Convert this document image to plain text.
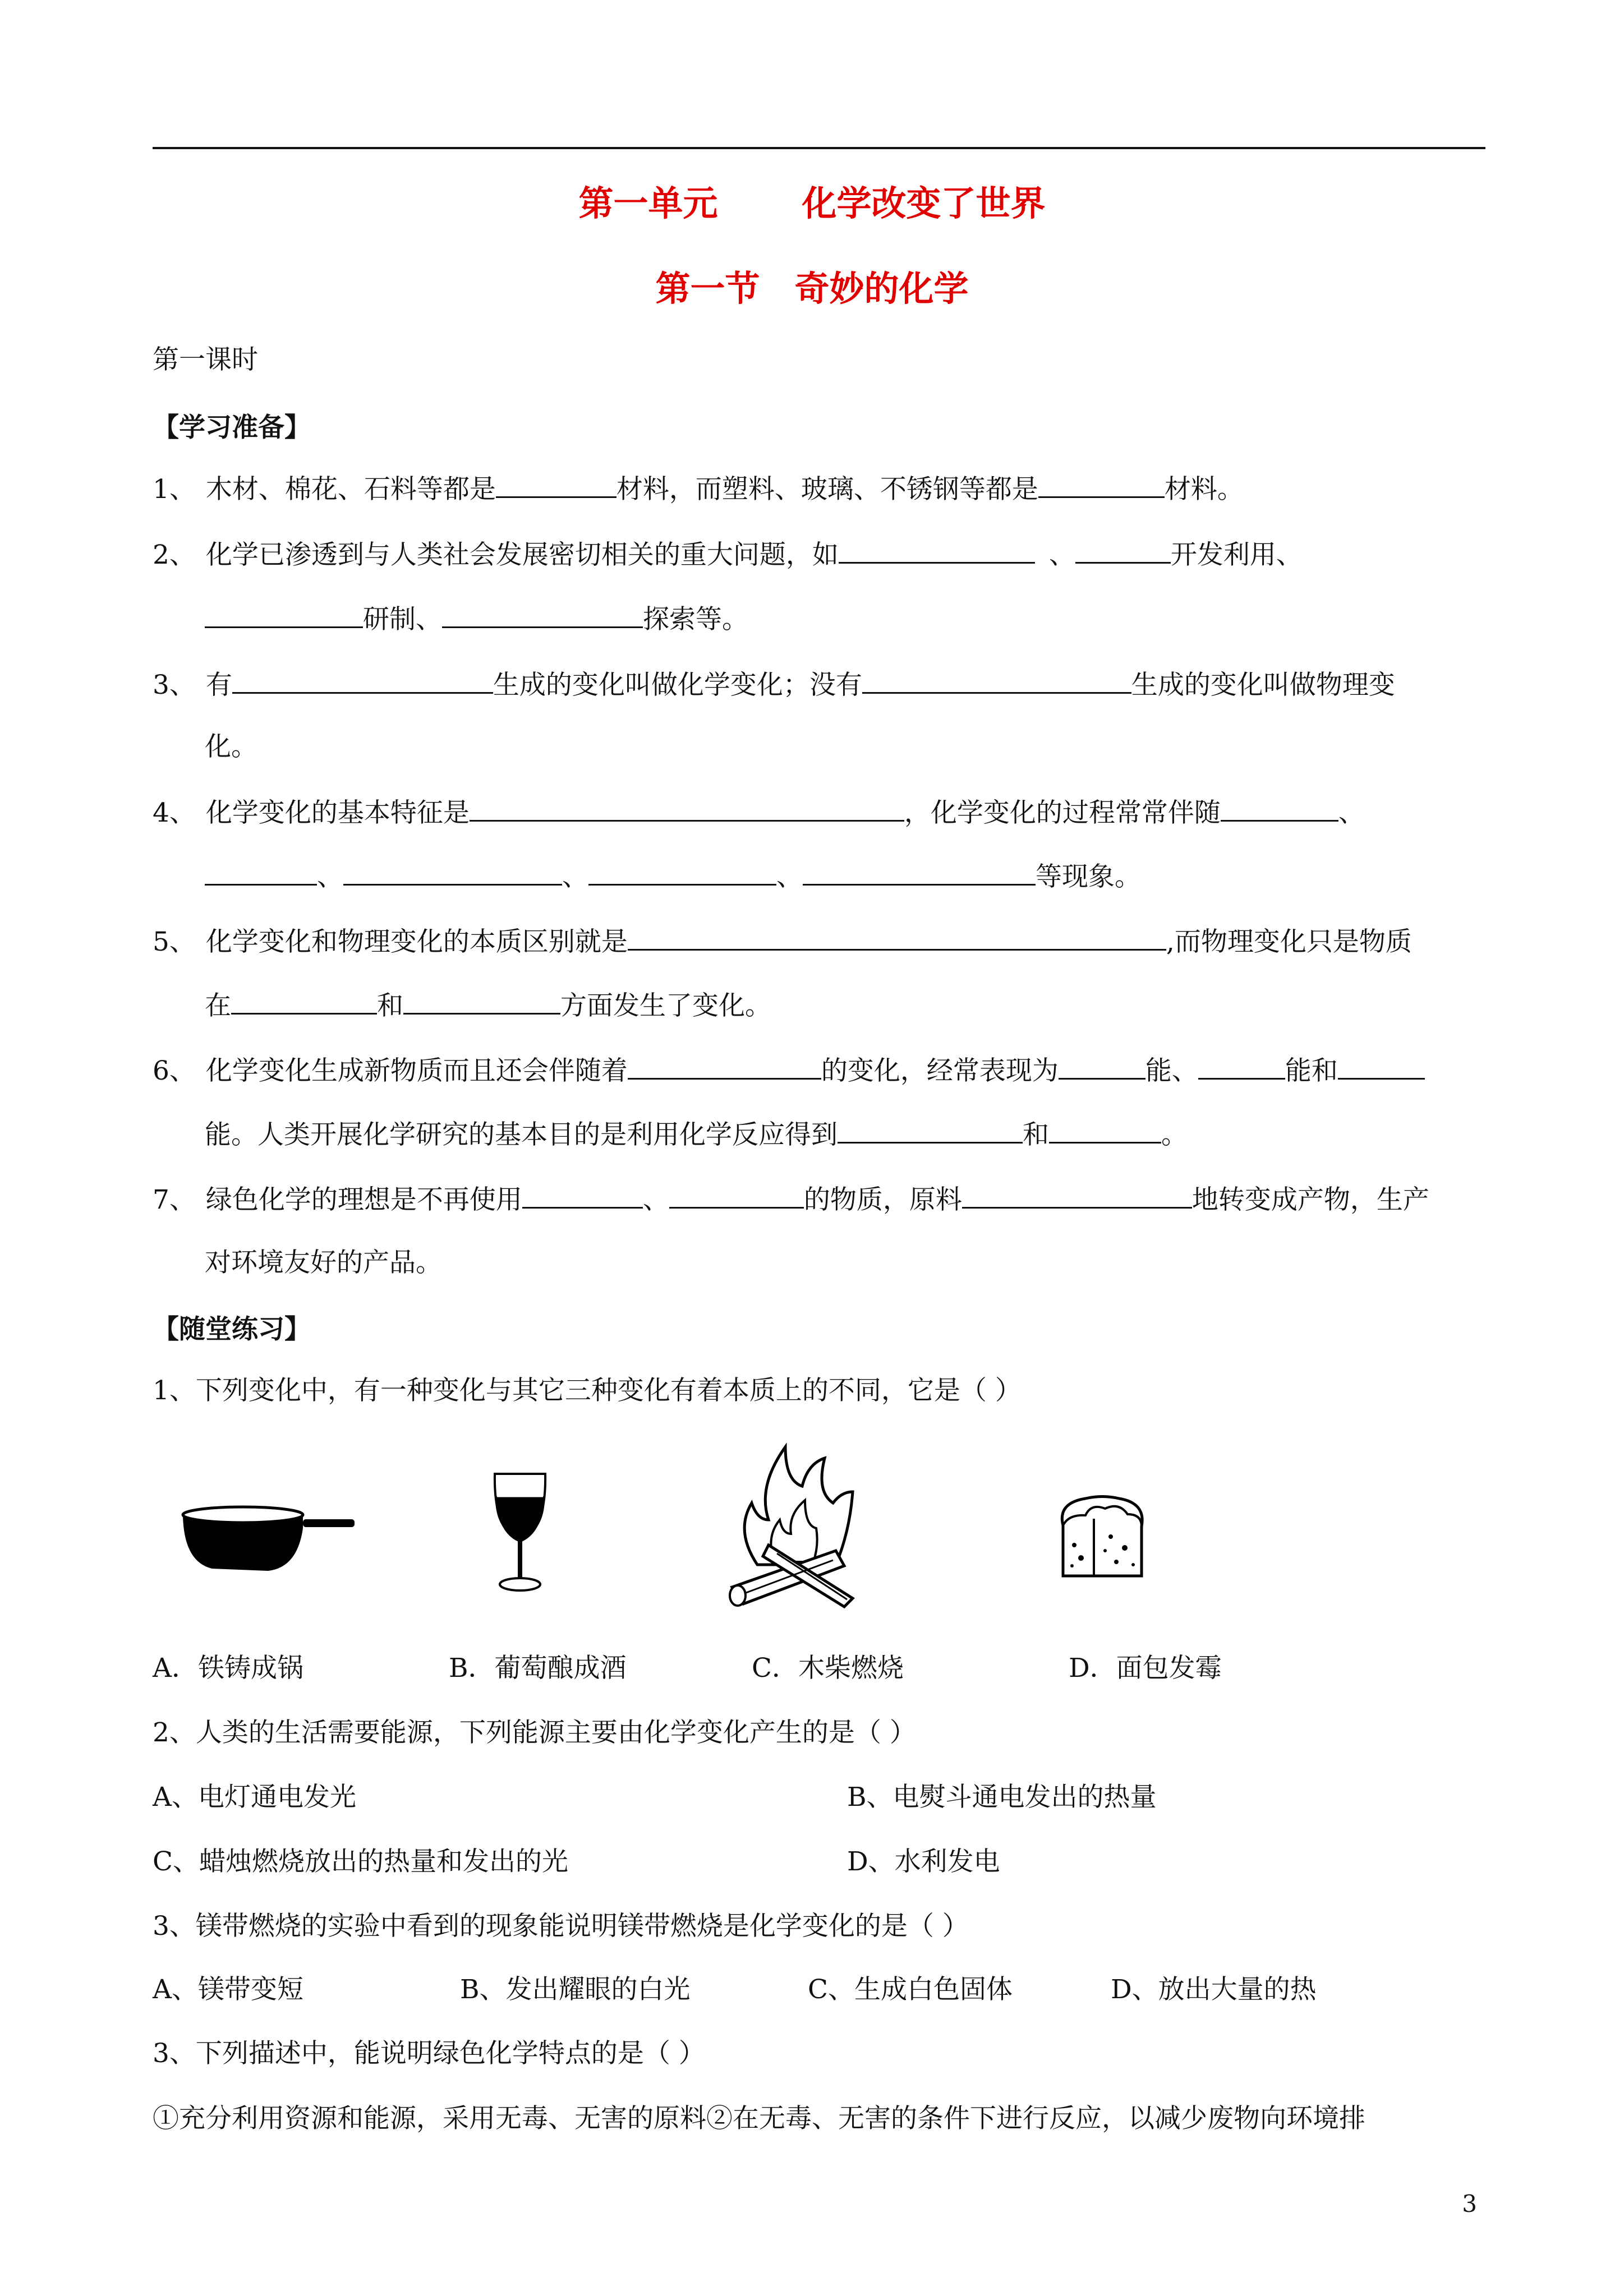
第一单元 化学改变了世界
第一节 奇妙的化学
第一课时
【学习准备】
1、 木材、棉花、石料等都是	材料，而塑料、玻璃、不锈钢等都是	材料。
2、 化学已渗透到与人类社会发展密切相关的重大问题，如	、	开发利用、
研制、	探索等。
3、 有	生成的变化叫做化学变化；没有	生成的变化叫做物理变
化。
4、 化学变化的基本特征是	，化学变化的过程常常伴随	、
、	、	、	等现象。
5、 化学变化和物理变化的本质区别就是	,而物理变化只是物质
在	和	方面发生了变化。
6、 化学变化生成新物质而且还会伴随着	的变化，经常表现为	能、	能和
能。人类开展化学研究的基本目的是利用化学反应得到	和	。
7、 绿色化学的理想是不再使用	、	的物质，原料	地转变成产物，生产
对环境友好的产品。
【随堂练习】
1、下列变化中，有一种变化与其它三种变化有着本质上的不同，它是（ ）
A．铁铸成锅	B．葡萄酿成酒	C．木柴燃烧	D．面包发霉
2、人类的生活需要能源，下列能源主要由化学变化产生的是（ ）
A、电灯通电发光	B、电熨斗通电发出的热量
C、蜡烛燃烧放出的热量和发出的光	D、水利发电
3、镁带燃烧的实验中看到的现象能说明镁带燃烧是化学变化的是（ ）
A、镁带变短	B、发出耀眼的白光	C、生成白色固体	D、放出大量的热
3、下列描述中，能说明绿色化学特点的是（ ）
①充分利用资源和能源，采用无毒、无害的原料②在无毒、无害的条件下进行反应，以减少废物向环境排
3
